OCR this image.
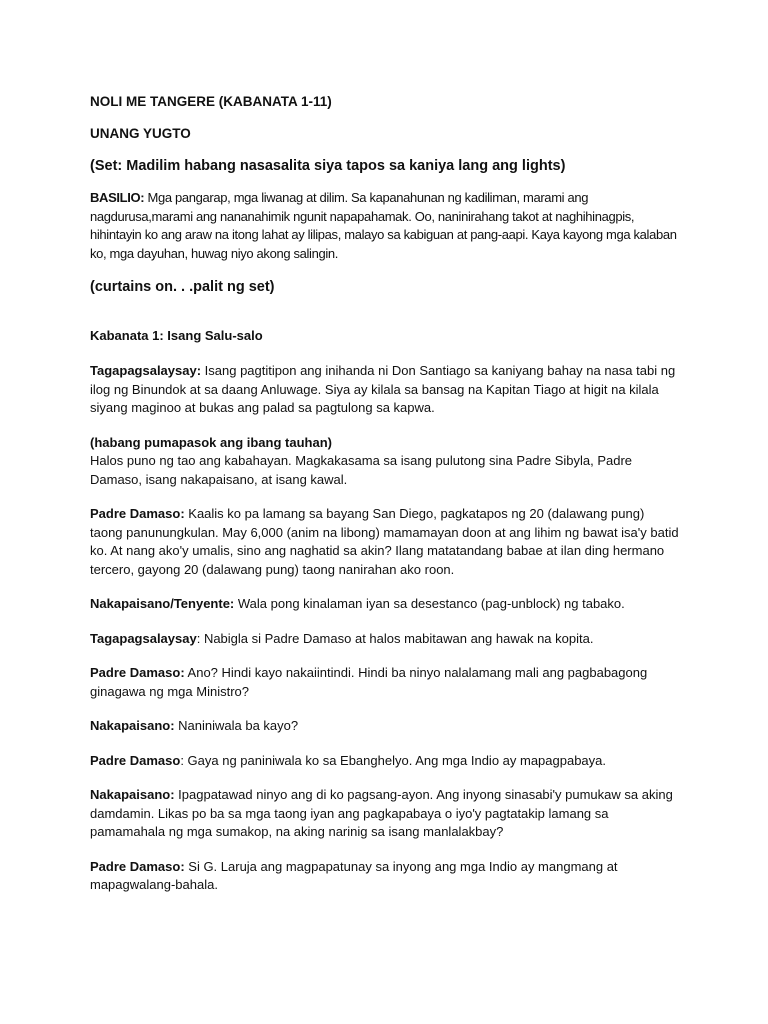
NOLI ME TANGERE (KABANATA 1-11)
UNANG YUGTO
(Set: Madilim habang nasasalita siya tapos sa kaniya lang ang lights)

BASILIO: Mga pangarap, mga liwanag at dilim. Sa kapanahunan ng kadiliman, marami ang nagdurusa,marami ang nananahimik ngunit napapahamak. Oo, naninirahang takot at naghihinagpis, hihintayin ko ang araw na itong lahat ay lilipas, malayo sa kabiguan at pang-aapi. Kaya kayong mga kalaban ko, mga dayuhan, huwag niyo akong salingin.

(curtains on. . .palit ng set)
Kabanata 1: Isang Salu-salo

Tagapagsalaysay: Isang pagtitipon ang inihanda ni Don Santiago sa kaniyang bahay na nasa tabi ng ilog ng Binundok at sa daang Anluwage. Siya ay kilala sa bansag na Kapitan Tiago at higit na kilala siyang maginoo at bukas ang palad sa pagtulong sa kapwa.

(habang pumapasok ang ibang tauhan)
Halos puno ng tao ang kabahayan. Magkakasama sa isang pulutong sina Padre Sibyla, Padre Damaso, isang nakapaisano, at isang kawal.

Padre Damaso: Kaalis ko pa lamang sa bayang San Diego, pagkatapos ng 20 (dalawang pung) taong panunungkulan. May 6,000 (anim na libong) mamamayan doon at ang lihim ng bawat isa'y batid ko. At nang ako'y umalis, sino ang naghatid sa akin? Ilang matatandang babae at ilan ding hermano tercero, gayong 20 (dalawang pung) taong nanirahan ako roon.

Nakapaisano/Tenyente: Wala pong kinalaman iyan sa desestanco (pag-unblock) ng tabako.

Tagapagsalaysay: Nabigla si Padre Damaso at halos mabitawan ang hawak na kopita.

Padre Damaso: Ano? Hindi kayo nakaiintindi. Hindi ba ninyo nalalamang mali ang pagbabagong ginagawa ng mga Ministro?

Nakapaisano: Naniniwala ba kayo?

Padre Damaso: Gaya ng paniniwala ko sa Ebanghelyo. Ang mga Indio ay mapagpabaya.

Nakapaisano: Ipagpatawad ninyo ang di ko pagsang-ayon. Ang inyong sinasabi'y pumukaw sa aking damdamin. Likas po ba sa mga taong iyan ang pagkapabaya o iyo'y pagtatakip lamang sa pamamahala ng mga sumakop, na aking narinig sa isang manlalakbay?

Padre Damaso: Si G. Laruja ang magpapatunay sa inyong ang mga Indio ay mangmang at mapagwalang-bahala.
